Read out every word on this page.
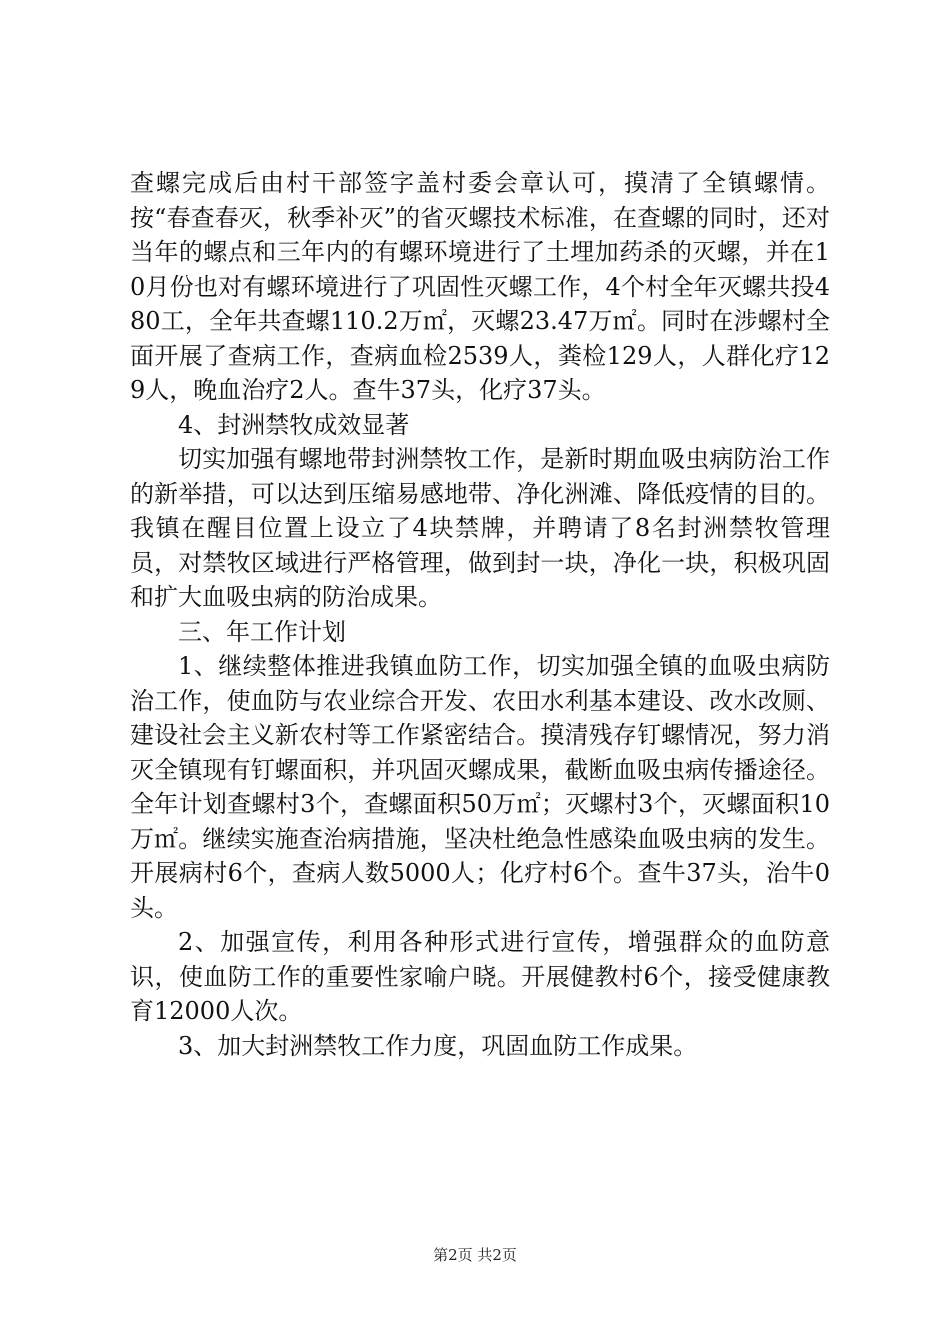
查螺完成后由村干部签字盖村委会章认可，摸清了全镇螺情。按“春查春灭，秋季补灭”的省灭螺技术标准，在查螺的同时，还对当年的螺点和三年内的有螺环境进行了土埋加药杀的灭螺，并在10月份也对有螺环境进行了巩固性灭螺工作，4个村全年灭螺共投480工，全年共查螺110.2万㎡，灭螺23.47万㎡。同时在涉螺村全面开展了查病工作，查病血检2539人，粪检129人，人群化疗129人，晚血治疗2人。查牛37头，化疗37头。

4、封洲禁牧成效显著

切实加强有螺地带封洲禁牧工作，是新时期血吸虫病防治工作的新举措，可以达到压缩易感地带、净化洲滩、降低疫情的目的。我镇在醒目位置上设立了4块禁牌，并聘请了8名封洲禁牧管理员，对禁牧区域进行严格管理，做到封一块，净化一块，积极巩固和扩大血吸虫病的防治成果。

三、年工作计划

1、继续整体推进我镇血防工作，切实加强全镇的血吸虫病防治工作，使血防与农业综合开发、农田水利基本建设、改水改厕、建设社会主义新农村等工作紧密结合。摸清残存钉螺情况，努力消灭全镇现有钉螺面积，并巩固灭螺成果，截断血吸虫病传播途径。全年计划查螺村3个，查螺面积50万㎡；灭螺村3个，灭螺面积10万㎡。继续实施查治病措施，坚决杜绝急性感染血吸虫病的发生。开展病村6个，查病人数5000人；化疗村6个。查牛37头，治牛0头。

2、加强宣传，利用各种形式进行宣传，增强群众的血防意识，使血防工作的重要性家喻户晓。开展健教村6个，接受健康教育12000人次。

3、加大封洲禁牧工作力度，巩固血防工作成果。

第2页 共2页
